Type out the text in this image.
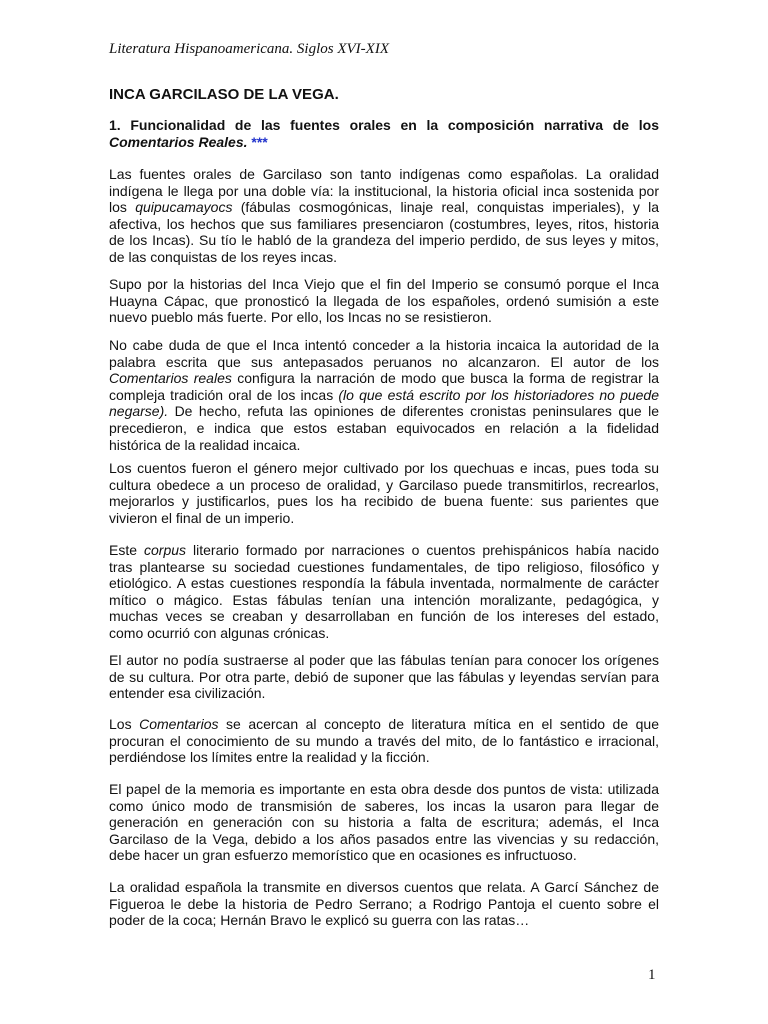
Literatura Hispanoamericana. Siglos XVI-XIX
INCA GARCILASO DE LA VEGA.
1. Funcionalidad de las fuentes orales en la composición narrativa de los
Comentarios Reales. ***
Las fuentes orales de Garcilaso son tanto indígenas como españolas. La oralidad
indígena le llega por una doble vía: la institucional, la historia oficial inca sostenida por
los quipucamayocs (fábulas cosmogónicas, linaje real, conquistas imperiales), y la
afectiva, los hechos que sus familiares presenciaron (costumbres, leyes, ritos, historia
de los Incas). Su tío le habló de la grandeza del imperio perdido, de sus leyes y mitos,
de las conquistas de los reyes incas.
Supo por la historias del Inca Viejo que el fin del Imperio se consumó porque el Inca
Huayna Cápac, que pronosticó la llegada de los españoles, ordenó sumisión a este
nuevo pueblo más fuerte. Por ello, los Incas no se resistieron.
No cabe duda de que el Inca intentó conceder a la historia incaica la autoridad de la
palabra escrita que sus antepasados peruanos no alcanzaron. El autor de los
Comentarios reales configura la narración de modo que busca la forma de registrar la
compleja tradición oral de los incas (lo que está escrito por los historiadores no puede
negarse). De hecho, refuta las opiniones de diferentes cronistas peninsulares que le
precedieron, e indica que estos estaban equivocados en relación a la fidelidad
histórica de la realidad incaica.
Los cuentos fueron el género mejor cultivado por los quechuas e incas, pues toda su
cultura obedece a un proceso de oralidad, y Garcilaso puede transmitirlos, recrearlos,
mejorarlos y justificarlos, pues los ha recibido de buena fuente: sus parientes que
vivieron el final de un imperio.
Este corpus literario formado por narraciones o cuentos prehispánicos había nacido
tras plantearse su sociedad cuestiones fundamentales, de tipo religioso, filosófico y
etiológico. A estas cuestiones respondía la fábula inventada, normalmente de carácter
mítico o mágico. Estas fábulas tenían una intención moralizante, pedagógica, y
muchas veces se creaban y desarrollaban en función de los intereses del estado,
como ocurrió con algunas crónicas.
El autor no podía sustraerse al poder que las fábulas tenían para conocer los orígenes
de su cultura. Por otra parte, debió de suponer que las fábulas y leyendas servían para
entender esa civilización.
Los Comentarios se acercan al concepto de literatura mítica en el sentido de que
procuran el conocimiento de su mundo a través del mito, de lo fantástico e irracional,
perdiéndose los límites entre la realidad y la ficción.
El papel de la memoria es importante en esta obra desde dos puntos de vista: utilizada
como único modo de transmisión de saberes, los incas la usaron para llegar de
generación en generación con su historia a falta de escritura; además, el Inca
Garcilaso de la Vega, debido a los años pasados entre las vivencias y su redacción,
debe hacer un gran esfuerzo memorístico que en ocasiones es infructuoso.
La oralidad española la transmite en diversos cuentos que relata. A Garcí Sánchez de
Figueroa le debe la historia de Pedro Serrano; a Rodrigo Pantoja el cuento sobre el
poder de la coca; Hernán Bravo le explicó su guerra con las ratas…
1
